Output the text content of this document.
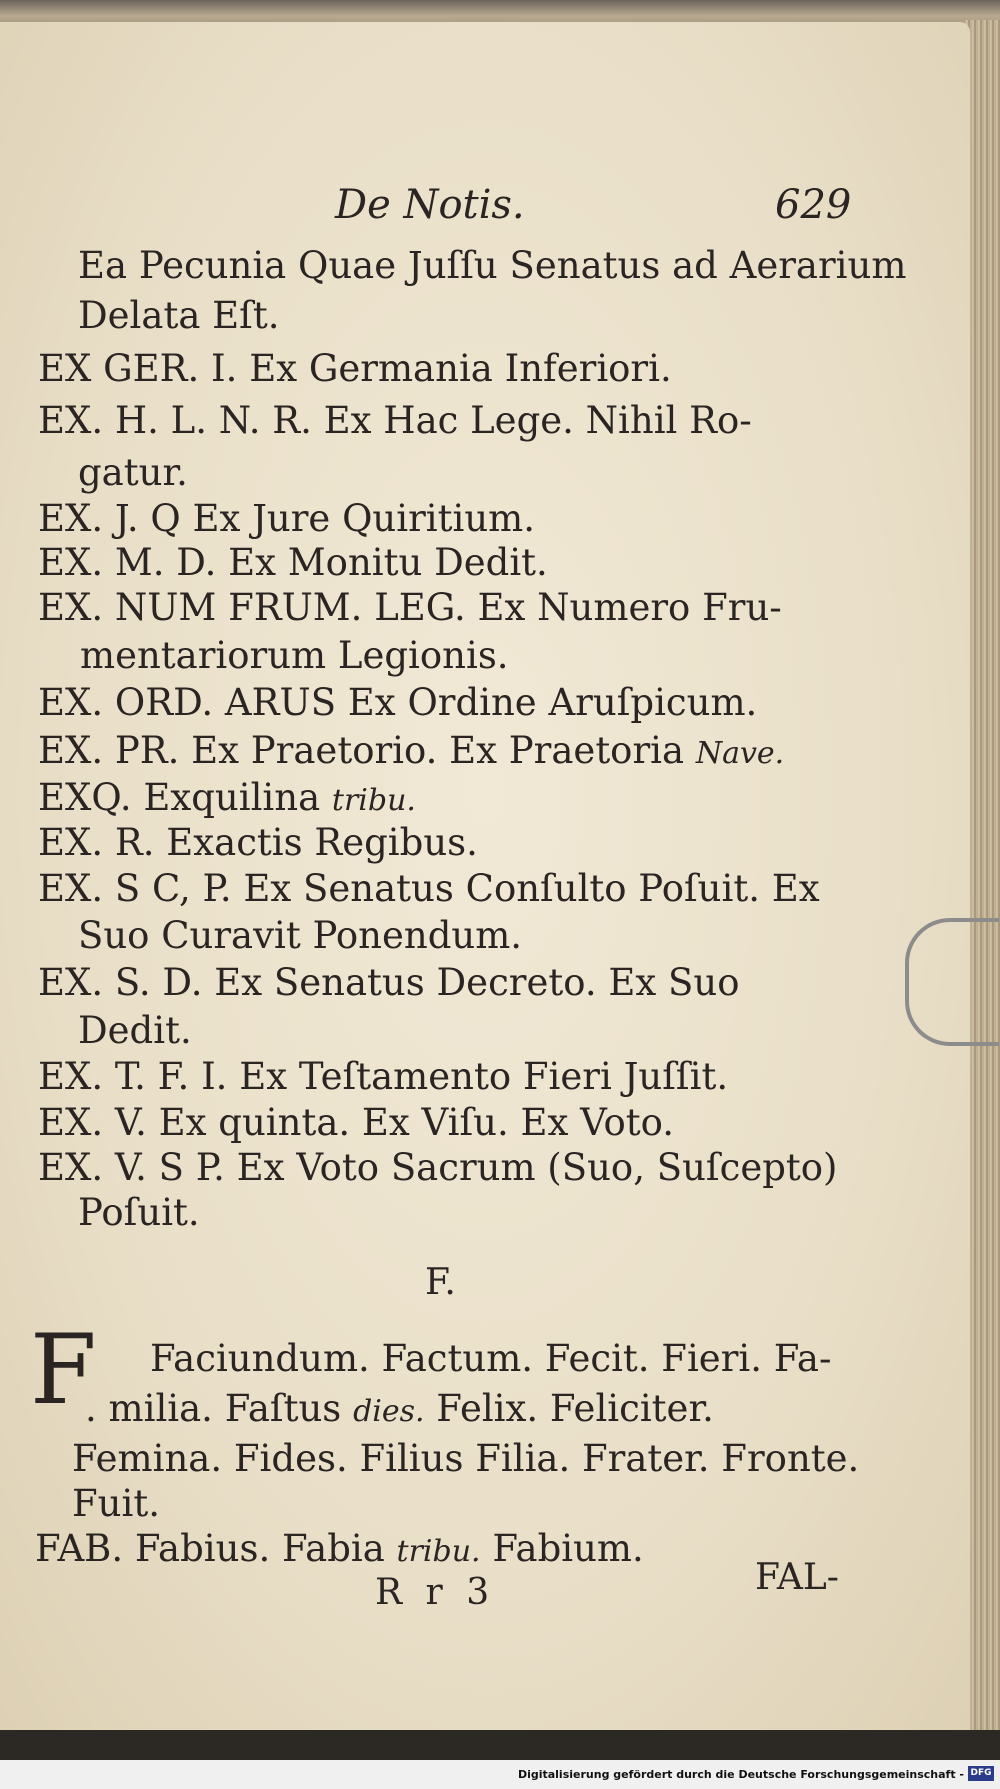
De Notis.	629
Ea Pecunia Quae Juſſu Senatus ad Aerarium
Delata Eſt.
EX GER. I. Ex Germania Inferiori.
EX. H. L. N. R. Ex Hac Lege. Nihil Ro-
gatur.
EX. J. Q Ex Jure Quiritium.
EX. M. D. Ex Monitu Dedit.
EX. NUM FRUM. LEG. Ex Numero Fru-
mentariorum Legionis.
EX. ORD. ARUS Ex Ordine Aruſpicum.
EX. PR. Ex Praetorio. Ex Praetoria Nave.
EXQ. Exquilina tribu.
EX. R. Exactis Regibus.
EX. S C, P. Ex Senatus Conſulto Poſuit. Ex
Suo Curavit Ponendum.
EX. S. D. Ex Senatus Decreto. Ex Suo
Dedit.
EX. T. F. I. Ex Teſtamento Fieri Juſſit.
EX. V. Ex quinta. Ex Viſu. Ex Voto.
EX. V. S P. Ex Voto Sacrum (Suo, Suſcepto)
Poſuit.
F.
F Faciundum. Factum. Fecit. Fieri. Fa-
. milia. Faſtus dies. Felix. Feliciter.
Femina. Fides. Filius Filia. Frater. Fronte.
Fuit.
FAB. Fabius. Fabia tribu. Fabium.
R r 3	FAL-
Digitalisierung gefördert durch die Deutsche Forschungsgemeinschaft - DFG
